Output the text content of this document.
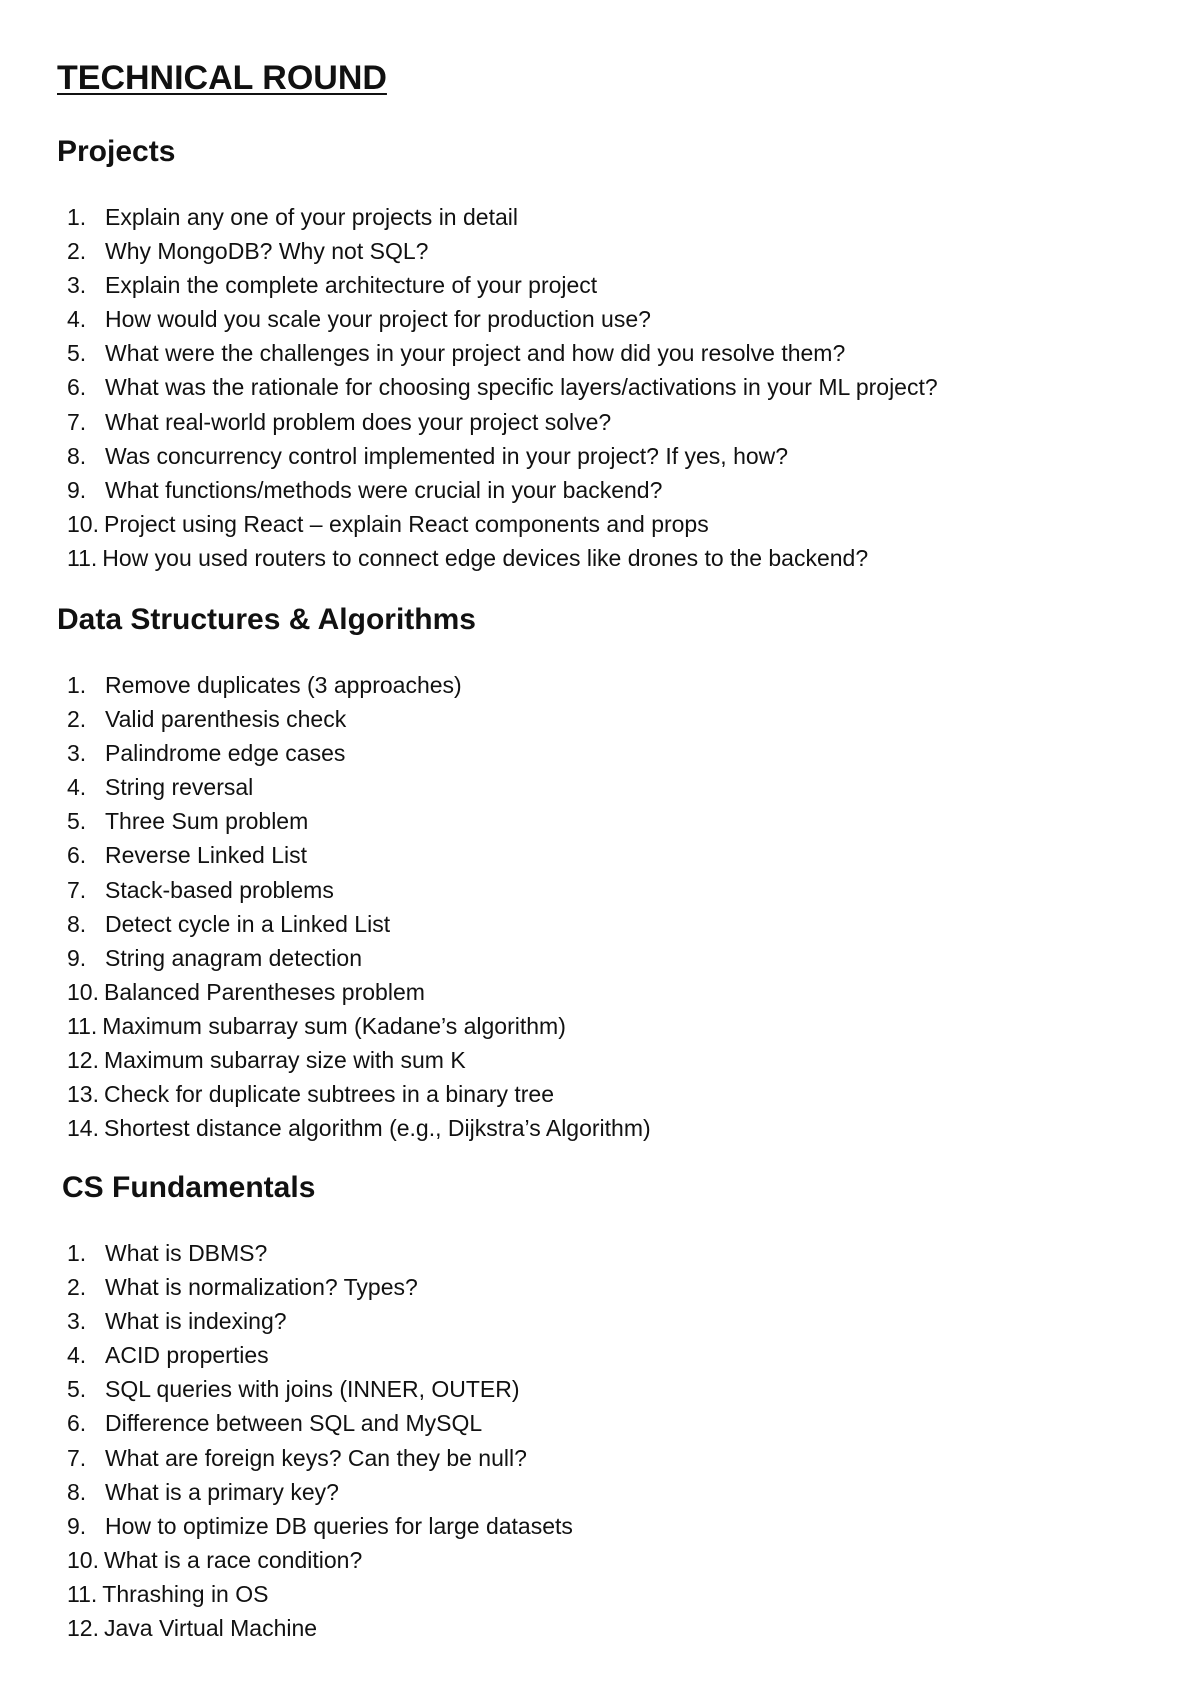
TECHNICAL ROUND
Projects
1. Explain any one of your projects in detail
2. Why MongoDB? Why not SQL?
3. Explain the complete architecture of your project
4. How would you scale your project for production use?
5. What were the challenges in your project and how did you resolve them?
6. What was the rationale for choosing specific layers/activations in your ML project?
7. What real-world problem does your project solve?
8. Was concurrency control implemented in your project? If yes, how?
9. What functions/methods were crucial in your backend?
10. Project using React – explain React components and props
11. How you used routers to connect edge devices like drones to the backend?
Data Structures & Algorithms
1. Remove duplicates (3 approaches)
2. Valid parenthesis check
3. Palindrome edge cases
4. String reversal
5. Three Sum problem
6. Reverse Linked List
7. Stack-based problems
8. Detect cycle in a Linked List
9. String anagram detection
10. Balanced Parentheses problem
11. Maximum subarray sum (Kadane’s algorithm)
12. Maximum subarray size with sum K
13. Check for duplicate subtrees in a binary tree
14. Shortest distance algorithm (e.g., Dijkstra’s Algorithm)
CS Fundamentals
1. What is DBMS?
2. What is normalization? Types?
3. What is indexing?
4. ACID properties
5. SQL queries with joins (INNER, OUTER)
6. Difference between SQL and MySQL
7. What are foreign keys? Can they be null?
8. What is a primary key?
9. How to optimize DB queries for large datasets
10. What is a race condition?
11. Thrashing in OS
12. Java Virtual Machine
